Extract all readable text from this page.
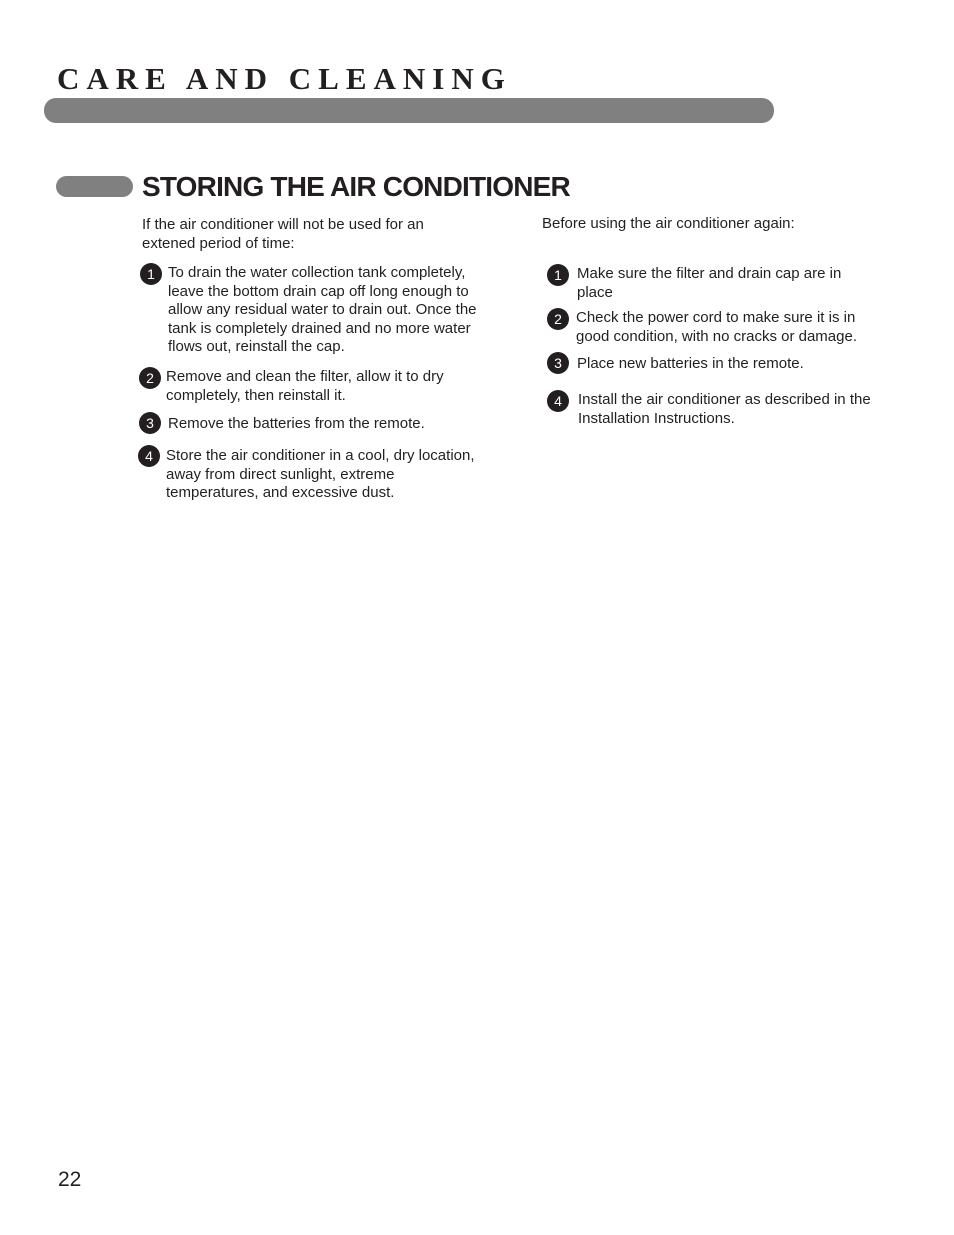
CARE AND CLEANING
STORING THE AIR CONDITIONER

If the air conditioner will not be used for an extened period of time:

1 To drain the water collection tank completely, leave the bottom drain cap off long enough to allow any residual water to drain out. Once the tank is completely drained and no more water flows out, reinstall the cap.

2 Remove and clean the filter, allow it to dry completely, then reinstall it.

3 Remove the batteries from the remote.

4 Store the air conditioner in a cool, dry location, away from direct sunlight, extreme temperatures, and excessive dust.

Before using the air conditioner again:

1	Make sure the filter and drain cap are in place

2 Check the power cord to make sure it is in good condition, with no cracks or damage.

3	Place new batteries in the remote.

4	Install the air conditioner as described in the Installation Instructions.

22
